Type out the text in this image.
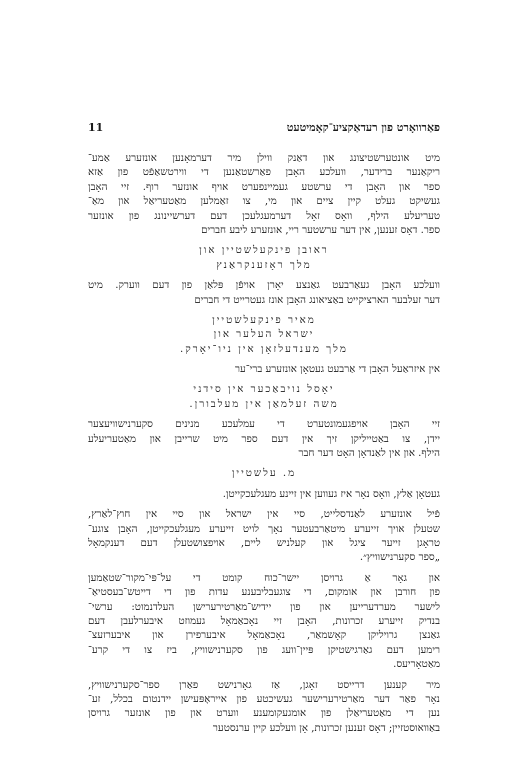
11	פאַרוואָרט פון רעדאַקציע־קאָמיטעט
מיט אונטערשטיצונג און דאַנק ווילן מיר דערמאָנען אונזערע אַמע־
ריקאַנער ברידער, וועלכע האָבן פאַרשטאַנען די ווירטשאַפֿט פון אַזא
ספר און האָבן די ערשטע געמיינפערט אויף אונזער רוף. זיי האָבן
געשיקט געלט קיין ציים און מי, צו זאַמלען מאַטעריאַל און מאַ־
טעריעלע הילף, וואָס זאָל דערמעגלעכן דעם דערשיינונג פון אונזער
ספר. דאָס זענען, אין דער ערשטער ריי, אונזערע ליבע חברים
ראובן פינקעלשטיין און
מלך ראָזענקראַנץ
וועלכע האָבן געאַרבעט גאַנצע יאָרן אויפֿן פּלאַן פון דעם ווערק. מיט
דער זעלבער הארציקייט באַציאונג האָבן אונז געטרייט די חברים
מאיר פינקעלשטיין
ישראל העלער און
מלך מענדעלזאָן אין ניו־יאָרק.
אין איזראַעל האָבן די אַרבעט געטאָן אונזערע ברי־ער
יאָסל נויבאַכער אין סידני
משה זעלמאַן אין מעלבורן.
זיי האָבן אויפגעמונטערט די עמלעכע מנינים סקערנישוויעצער
יידן, צו באַטייליקן זיך אין דעם ספר מיט שרייבן און מאַטעריעלע
הילף. און אין לאַנדאָן האָט דער חבר
מ. עלשטיין
געטאָן אַלץ, וואָס נאָר איז געווען אין זיינע מעגלעכקייטן.
פֿיל אונזערע לאַנדסלייט, סיי אין ישראל און סיי אין חוץ־לאַרץ,
שטעלן אויך זייערע מיטאַרבעטער נאָך לויט זייערע מעגלעכקייטן, האָבן צוגע־
טראָגן זייער ציגל און קעלניש ליים, אויפצושטעלן דעם דענקמאָל
„ספר סקערנישוויץ״.
און גאָר אַ גרויסן יישר־כוח קומט די על־פּי־מקור־שטאַמען
פון חורבן און אומקום, די צוגעבליבענע עדות פון די דייטש־בעסטיאַ־
לישער מערדערייען און פון יידיש־מאַרטירערישן העלדנמוט: ערשי־
בנדיק זייערע זכרונות, האָבן זיי נאָכאַמאָל געמוזט איבערלעבן דעם
גאַנצן גרויליקן קאָשמאַר, נאָכאַמאָל איבערפירן און איבערזעצ־
רימען דעם גאַרגישטיקן פּיין־וועג פון סקערנישוויץ, ביז צו די קרע־
מאַטאָריעס.
מיר קענען דרייסט זאָגן, אַז גאָרנישט פאַרן ספר־סקערנישוויץ,
נאָר פאַר דער מאַרטירערישער געשיכטע פון אייראָפּעישן יידנטום בכלל, זע־
נען די מאַטעריאַלן פון אומגעקומענע ווערט און פון אונזער גרויסן
באַוואוסטזיין; דאָס זענען זכרונות, אָן וועלכע קיין ערנסטער
